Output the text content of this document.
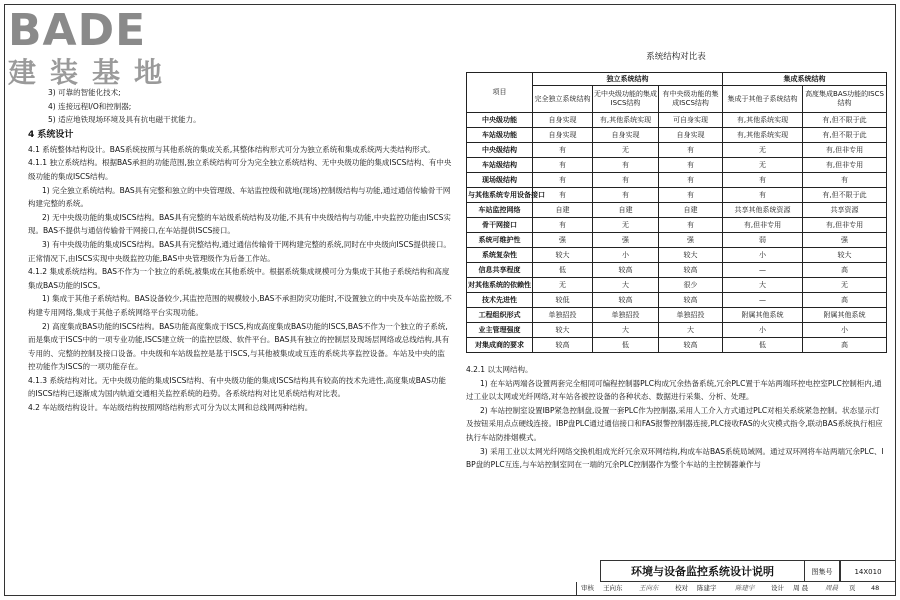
BADE
建装基地

3) 可靠的智能化技术;

4) 连接远程I/O和控制器;

5) 适应地铁现场环境及具有抗电磁干扰能力。

4 系统设计

4.1 系统整体结构设计。BAS系统按照与其他系统的集成关系,其整体结构形式可分为独立系统和集成系统两大类结构形式。

4.1.1 独立系统结构。根据BAS承担的功能范围,独立系统结构可分为完全独立系统结构、无中央级功能的集成ISCS结构、有中央级功能的集成ISCS结构。

1) 完全独立系统结构。BAS具有完整和独立的中央管理级、车站监控级和就地(现场)控制级结构与功能,通过通信传输骨干网构建完整的系统。

2) 无中央级功能的集成ISCS结构。BAS具有完整的车站级系统结构及功能,不具有中央级结构与功能,中央监控功能由ISCS实现。BAS不提供与通信传输骨干网接口,在车站提供ISCS接口。

3) 有中央级功能的集成ISCS结构。BAS具有完整结构,通过通信传输骨干网构建完整的系统,同时在中央级向ISCS提供接口。正常情况下,由ISCS实现中央级监控功能,BAS中央管理级作为后备工作站。

4.1.2 集成系统结构。BAS不作为一个独立的系统,被集成在其他系统中。根据系统集成规模可分为集成于其他子系统结构和高度集成BAS功能的ISCS。

1) 集成于其他子系统结构。BAS设备较少,其监控范围的规模较小,BAS不承担防灾功能时,不设置独立的中央及车站监控级,不构建专用网络,集成于其他子系统网络平台实现功能。

2) 高度集成BAS功能的ISCS结构。BAS功能高度集成于ISCS,构成高度集成BAS功能的ISCS,BAS不作为一个独立的子系统,而是集成于ISCS中的一项专业功能,ISCS建立统一的监控层级、软件平台。BAS具有独立的控制层及现场层网络或总线结构,具有专用的、完整的控制及接口设备。中央级和车站级监控是基于ISCS,与其他被集成或互连的系统共享监控设备。车站及中央的监控功能作为ISCS的一项功能存在。

4.1.3 系统结构对比。无中央级功能的集成ISCS结构、有中央级功能的集成ISCS结构具有较高的技术先进性,高度集成BAS功能的ISCS结构已逐渐成为国内轨道交通相关监控系统的趋势。各系统结构对比见系统结构对比表。

4.2 车站级结构设计。车站级结构按照网络结构形式可分为以太网和总线网两种结构。

系统结构对比表
项目	独立系统结构			集成系统结构	
	完全独立系统结构	无中央级功能的集成ISCS结构	有中央级功能的集成ISCS结构	集成于其他子系统结构	高度集成BAS功能的ISCS结构
中央级功能	自身实现	有,其他系统实现	可自身实现	有,其他系统实现	有,但不限于此
车站级功能	自身实现	自身实现	自身实现	有,其他系统实现	有,但不限于此
中央级结构	有	无	有	无	有,但非专用
车站级结构	有	有	有	无	有,但非专用
现场级结构	有	有	有	有	有
与其他系统专用设备接口	有	有	有	有	有,但不限于此
车站监控网络	自建	自建	自建	共享其他系统资源	共享资源
骨干网接口	有	无	有	有,但非专用	有,但非专用
系统可维护性	强	强	强	弱	强
系统复杂性	较大	小	较大	小	较大
信息共享程度	低	较高	较高	—	高
对其他系统的依赖性	无	大	很少	大	无
技术先进性	较低	较高	较高	—	高
工程组织形式	单独招投	单独招投	单独招投	附属其他系统	附属其他系统
业主管理强度	较大	大	大	小	小
对集成商的要求	较高	低	较高	低	高

4.2.1 以太网结构。

1) 在车站两端各设置两套完全相同可编程控制器PLC构成冗余热备系统,冗余PLC置于车站两端环控电控室PLC控制柜内,通过工业以太网或光纤网络,对车站各被控设备的各种状态、数据进行采集、分析、处理。

2) 车站控制室设置IBP紧急控制盘,设置一套PLC作为控制器,采用人工介入方式通过PLC对相关系统紧急控制。状态显示灯及按钮采用点点硬线连接。IBP盘PLC通过通信接口和FAS报警控制器连接,PLC接收FAS的火灾模式指令,联动BAS系统执行相应执行车站防排烟模式。

3) 采用工业以太网光纤网络交换机组成光纤冗余双环网结构,构成车站BAS系统局域网。通过双环网将车站两端冗余PLC、IBP盘的PLC互连,与车站控制室同在一端的冗余PLC控制器作为整个车站的主控制器兼作与

环境与设备监控系统设计说明	图集号	14X010
审核 王向东	王向东	校对 陈建宇	陈建宇	设计 周 晨	周晨 页 48
